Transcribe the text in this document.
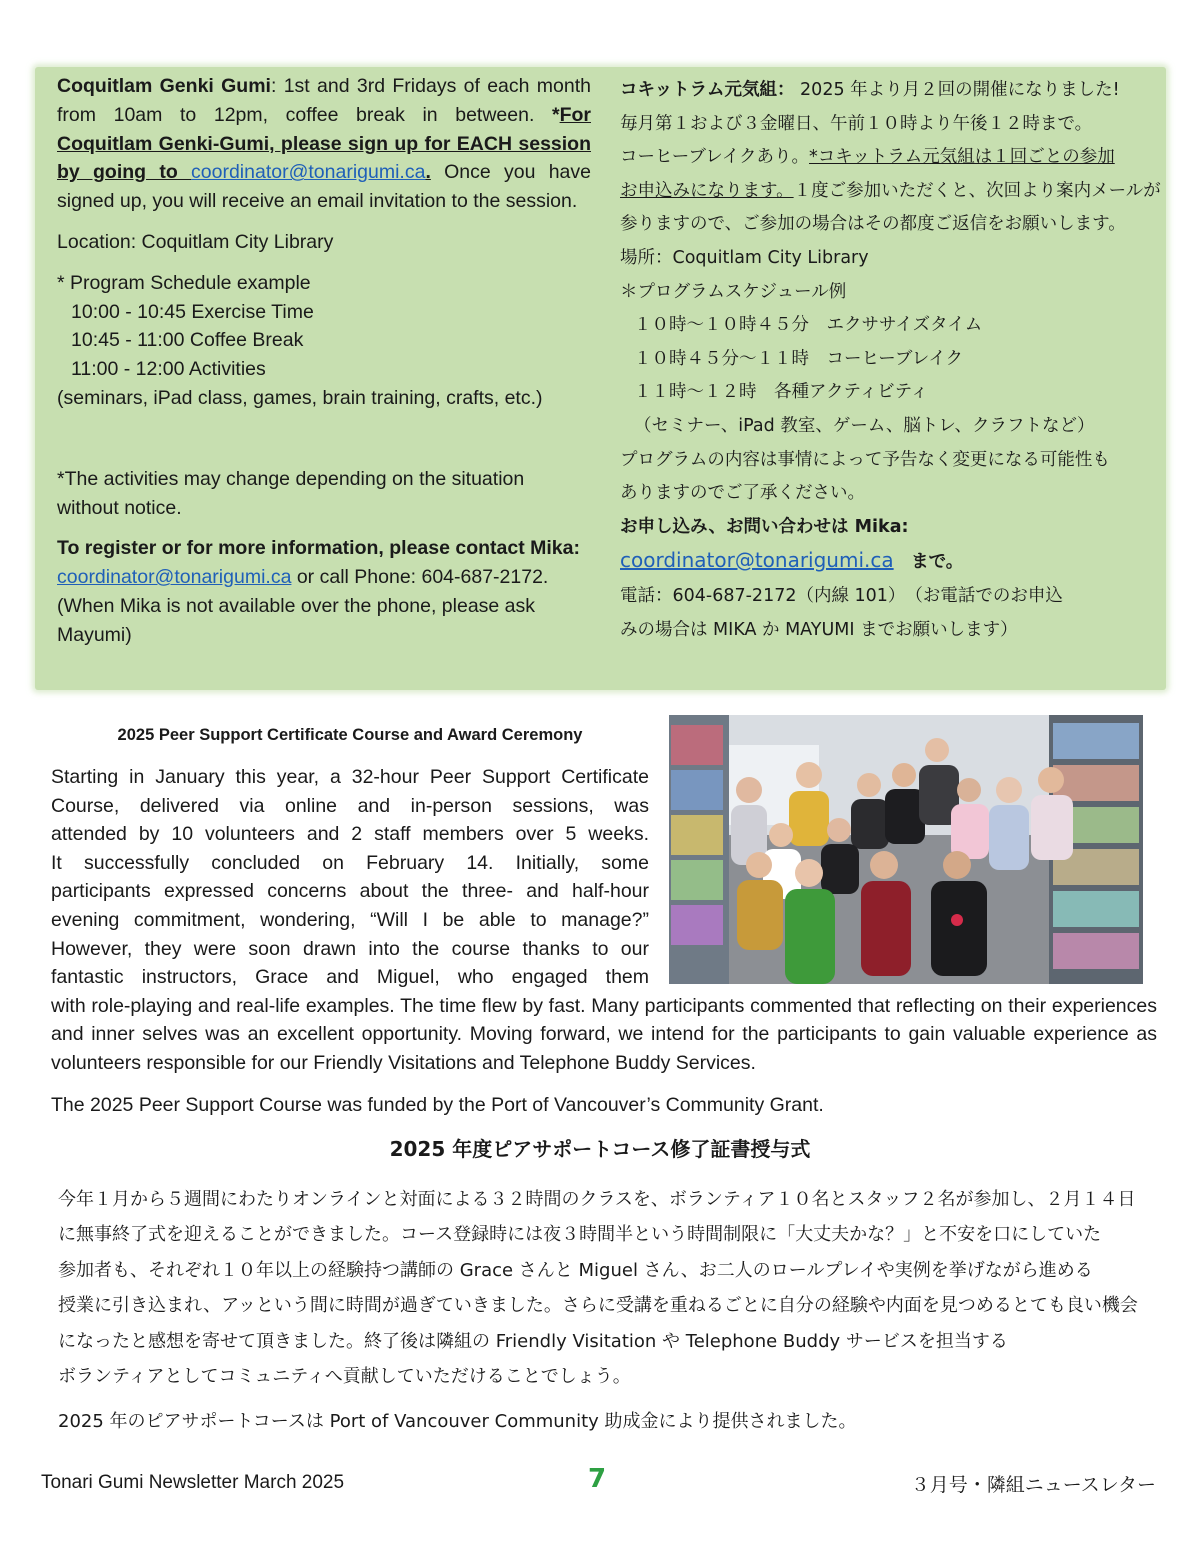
Coquitlam Genki Gumi: 1st and 3rd Fridays of each month from 10am to 12pm, coffee break in between. *For Coquitlam Genki-Gumi, please sign up for EACH session by going to coordinator@tonarigumi.ca. Once you have signed up, you will receive an email invitation to the session.

Location: Coquitlam City Library

* Program Schedule example

10:00 - 10:45 Exercise Time

10:45 - 11:00 Coffee Break

11:00 - 12:00 Activities

(seminars, iPad class, games, brain training, crafts, etc.)

*The activities may change depending on the situation without notice.

To register or for more information, please contact Mika: coordinator@tonarigumi.ca or call Phone: 604-687-2172. (When Mika is not available over the phone, please ask Mayumi)

コキットラム元気組： 2025 年より月２回の開催になりました!

毎月第１および３金曜日、午前１０時より午後１２時まで。

コーヒーブレイクあり。*コキットラム元気組は１回ごとの参加

お申込みになります。１度ご参加いただくと、次回より案内メールが

参りますので、ご参加の場合はその都度ご返信をお願いします。

場所：Coquitlam City Library

＊プログラムスケジュール例

１０時～１０時４５分　エクササイズタイム

１０時４５分～１１時　コーヒーブレイク

１１時～１２時　各種アクティビティ

（セミナー、iPad 教室、ゲーム、脳トレ、クラフトなど）

プログラムの内容は事情によって予告なく変更になる可能性も

ありますのでご了承ください。

お申し込み、お問い合わせは Mika:

coordinator@tonarigumi.ca　まで。

電話：604-687-2172（内線 101）　（お電話でのお申込

みの場合は MIKA か MAYUMI までお願いします）

2025 Peer Support Certificate Course and Award Ceremony
Starting in January this year, a 32-hour Peer Support Certificate
Course, delivered via online and in-person sessions, was
attended by 10 volunteers and 2 staff members over 5 weeks.
It successfully concluded on February 14. Initially, some
participants expressed concerns about the three- and half-hour
evening commitment, wondering, “Will I be able to manage?”
However, they were soon drawn into the course thanks to our
fantastic instructors, Grace and Miguel, who engaged them
with role-playing and real-life examples. The time flew by fast. Many participants commented that reflecting on their experiences and inner selves was an excellent opportunity. Moving forward, we intend for the participants to gain valuable experience as volunteers responsible for our Friendly Visitations and Telephone Buddy Services.
The 2025 Peer Support Course was funded by the Port of Vancouver’s Community Grant.
2025 年度ピアサポートコース修了証書授与式

今年１月から５週間にわたりオンラインと対面による３２時間のクラスを、ボランティア１０名とスタッフ２名が参加し、２月１４日

に無事終了式を迎えることができました。コース登録時には夜３時間半という時間制限に「大丈夫かな？」と不安を口にしていた

参加者も、それぞれ１０年以上の経験持つ講師の Grace さんと Miguel さん、お二人のロールプレイや実例を挙げながら進める

授業に引き込まれ、アッという間に時間が過ぎていきました。さらに受講を重ねるごとに自分の経験や内面を見つめるとても良い機会

になったと感想を寄せて頂きました。終了後は隣組の Friendly Visitation や Telephone Buddy サービスを担当する

ボランティアとしてコミュニティへ貢献していただけることでしょう。

2025 年のピアサポートコースは Port of Vancouver Community 助成金により提供されました。
Tonari Gumi Newsletter March 2025	7	３月号・隣組ニュースレター
